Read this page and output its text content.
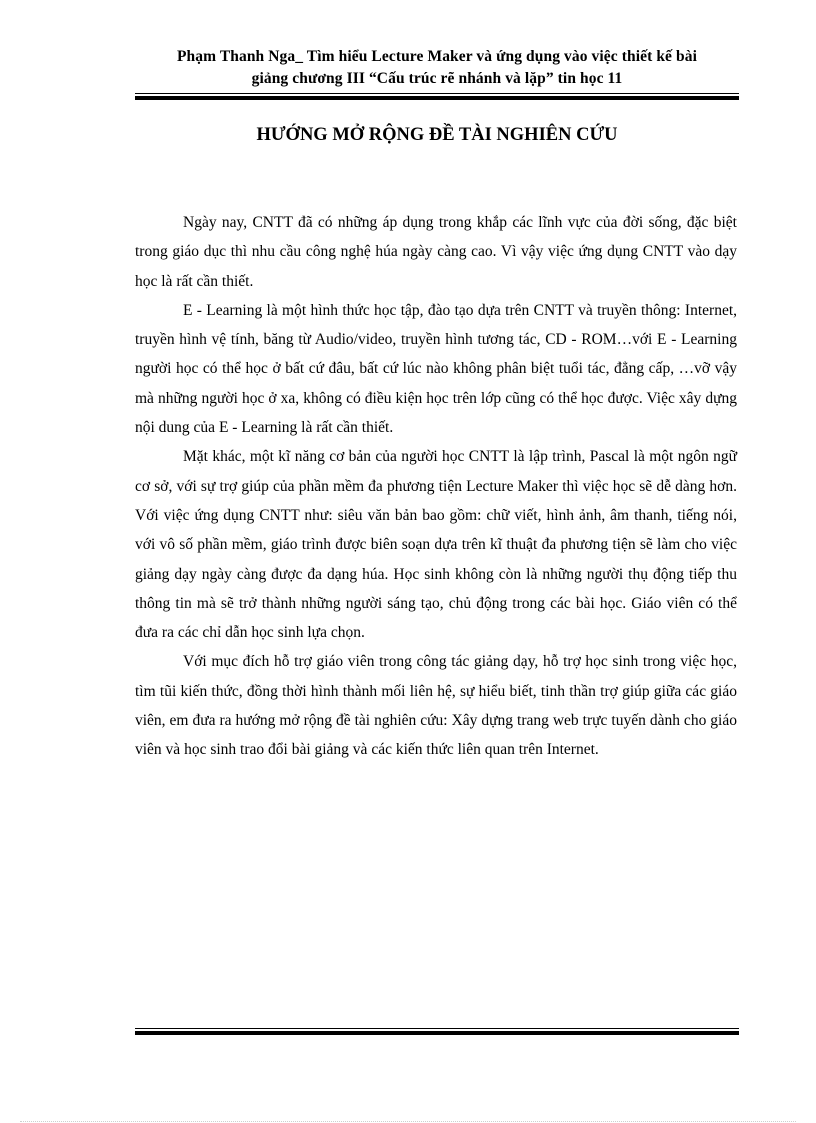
Phạm Thanh Nga_ Tìm hiểu Lecture Maker và ứng dụng vào việc thiết kế bài
giảng chương III “Cấu trúc rẽ nhánh và lặp” tin học 11
HƯỚNG MỞ RỘNG ĐỀ TÀI NGHIÊN CỨU

Ngày nay, CNTT đã có những áp dụng trong khắp các lĩnh vực của đời sống, đặc biệt trong giáo dục thì nhu cầu công nghệ húa ngày càng cao. Vì vậy việc ứng dụng CNTT vào dạy học là rất cần thiết.

E - Learning là một hình thức học tập, đào tạo dựa trên CNTT và truyền thông: Internet, truyền hình vệ tính, băng từ Audio/video, truyền hình tương tác, CD - ROM…với E - Learning người học có thể học ở bất cứ đâu, bất cứ lúc nào không phân biệt tuổi tác, đẳng cấp, …vỡ vậy mà những người học ở xa, không có điều kiện học trên lớp cũng có thể học được. Việc xây dựng nội dung của E - Learning là rất cần thiết.

Mặt khác, một kĩ năng cơ bản của người học CNTT là lập trình, Pascal là một ngôn ngữ cơ sở, với sự trợ giúp của phần mềm đa phương tiện Lecture Maker thì việc học sẽ dễ dàng hơn. Với việc ứng dụng CNTT như: siêu văn bản bao gồm: chữ viết, hình ảnh, âm thanh, tiếng nói, với vô số phần mềm, giáo trình được biên soạn dựa trên kĩ thuật đa phương tiện sẽ làm cho việc giảng dạy ngày càng được đa dạng húa. Học sinh không còn là những người thụ động tiếp thu thông tin mà sẽ trở thành những người sáng tạo, chủ động trong các bài học. Giáo viên có thể đưa ra các chỉ dẫn học sinh lựa chọn.

Với mục đích hỗ trợ giáo viên trong công tác giảng dạy, hỗ trợ học sinh trong việc học, tìm tũi kiến thức, đồng thời hình thành mối liên hệ, sự hiểu biết, tinh thần trợ giúp giữa các giáo viên, em đưa ra hướng mở rộng đề tài nghiên cứu: Xây dựng trang web trực tuyến dành cho giáo viên và học sinh trao đổi bài giảng và các kiến thức liên quan trên Internet.
